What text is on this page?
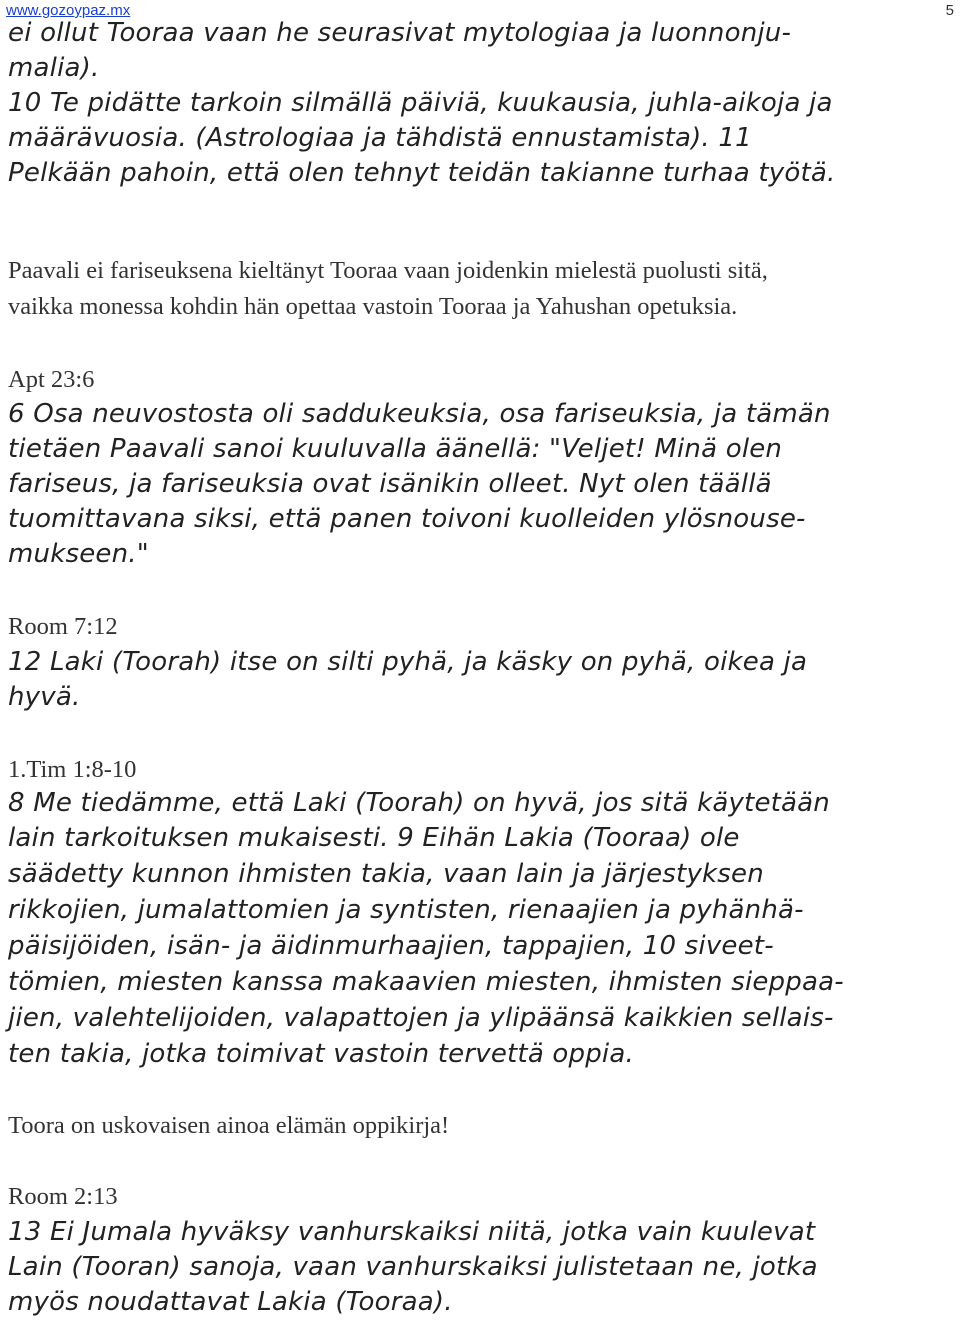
www.gozoypaz.mx	5
ei ollut Tooraa vaan he seurasivat mytologiaa ja luonnonju-
malia).
10 Te pidätte tarkoin silmällä päiviä, kuukausia, juhla-aikoja ja
määrävuosia. (Astrologiaa ja tähdistä ennustamista). 11
Pelkään pahoin, että olen tehnyt teidän takianne turhaa työtä.
Paavali ei fariseuksena kieltänyt Tooraa vaan joidenkin mielestä puolusti sitä,
vaikka monessa kohdin hän opettaa vastoin Tooraa ja Yahushan opetuksia.
Apt 23:6
6 Osa neuvostosta oli saddukeuksia, osa fariseuksia, ja tämän
tietäen Paavali sanoi kuuluvalla äänellä: "Veljet! Minä olen
fariseus, ja fariseuksia ovat isänikin olleet. Nyt olen täällä
tuomittavana siksi, että panen toivoni kuolleiden ylösnouse-
mukseen."
Room 7:12
12 Laki (Toorah) itse on silti pyhä, ja käsky on pyhä, oikea ja
hyvä.
1.Tim 1:8-10
8 Me tiedämme, että Laki (Toorah) on hyvä, jos sitä käytetään
lain tarkoituksen mukaisesti. 9 Eihän Lakia (Tooraa) ole
säädetty kunnon ihmisten takia, vaan lain ja järjestyksen
rikkojien, jumalattomien ja syntisten, rienaajien ja pyhänhä-
päisijöiden, isän- ja äidinmurhaajien, tappajien, 10 siveet-
tömien, miesten kanssa makaavien miesten, ihmisten sieppaa-
jien, valehtelijoiden, valapattojen ja ylipäänsä kaikkien sellais-
ten takia, jotka toimivat vastoin tervettä oppia.
Toora on uskovaisen ainoa elämän oppikirja!
Room 2:13
13 Ei Jumala hyväksy vanhurskaiksi niitä, jotka vain kuulevat
Lain (Tooran) sanoja, vaan vanhurskaiksi julistetaan ne, jotka
myös noudattavat Lakia (Tooraa).
